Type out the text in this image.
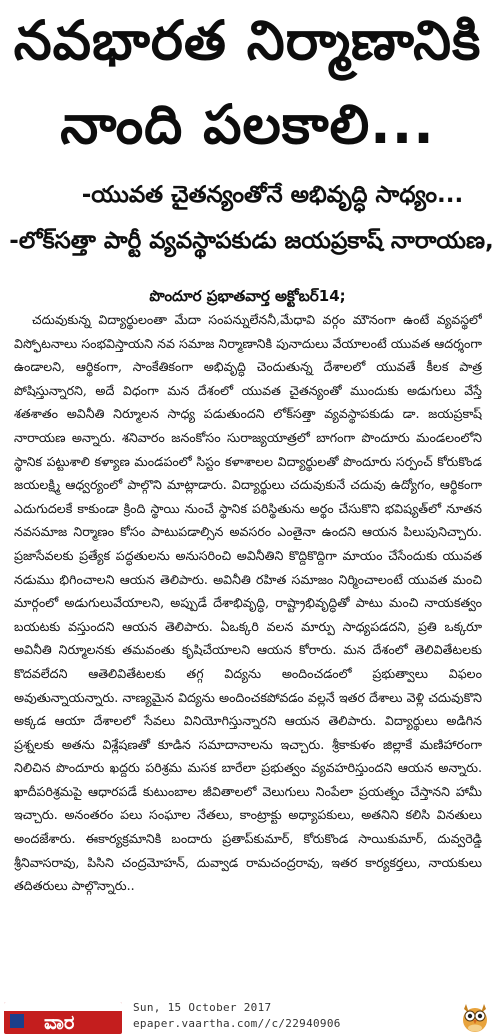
నవభారత నిర్మాణానికి
నాంది పలకాలి...
-యువత చైతన్యంతోనే అభివృద్ధి సాధ్యం...
-లోక్‌సత్తా పార్టీ వ్యవస్థాపకుడు జయప్రకాష్ నారాయణ,
పొందూర ప్రభాతవార్త అక్టోబర్14;

చదువుకున్న విద్యార్థులంతా మేదా సంపన్నులేననీ,మేధావి వర్గం మౌనంగా ఉంటే వ్యవస్థలో విస్ఫోటనాలు సంభవిస్తాయని నవ సమాజ నిర్మాణానికి పునాదులు వేయాలంటే యువత ఆదర్శంగా ఉండాలని, ఆర్థికంగా, సాంకేతికంగా అభివృద్ధి చెందుతున్న దేశాలలో యువతే కీలక పాత్ర పోషిస్తున్నారని, అదే విధంగా మన దేశంలో యువత చైతన్యంతో ముందుకు అడుగులు వేస్తే శతశాతం అవినీతి నిర్మూలన సాధ్య పడుతుందని లోక్‌సత్తా వ్యవస్థాపకుడు డా. జయప్రకాష్ నారాయణ అన్నారు. శనివారం జనంకోసం సురాజ్యయాత్రలో బాగంగా పొందూరు మండలంలోని స్థానిక పట్టుశాలి కళ్యాణ మండపంలో సిస్టం కళాశాలల విద్యార్థులతో పొందూరు సర్పంచ్ కోరుకొండ జయలక్ష్మి ఆధ్వర్యంలో పాల్గొని మాట్లాడారు. విద్యార్థులు చదువుకునే చదువు ఉద్యోగం, ఆర్థికంగా ఎదుగుదలకే కాకుండా క్రింది స్థాయి నుంచే స్థానిక పరిస్థితును అర్థం చేసుకొని భవిష్యత్‌లో నూతన నవసమాజ నిర్మాణం కోసం పాటుపడాల్సిన అవసరం ఎంతైనా ఉందని ఆయన పిలుపునిచ్చారు. ప్రజాసేవలకు ప్రత్యేక పద్ధతులను అనుసరించి అవినీతిని కొద్దికొద్దిగా మాయం చేసేందుకు యువత నడుము భిగించాలని ఆయన తెలిపారు. అవినీతి రహిత సమాజం నిర్మించాలంటే యువత మంచి మార్గంలో అడుగులువేయాలని, అప్పుడే దేశాభివృద్ధి, రాష్ట్రాభివృద్ధితో పాటు మంచి నాయకత్వం బయటకు వస్తుందని ఆయన తెలిపారు. ఏఒక్కరి వలన మార్పు సాధ్యపడదని, ప్రతి ఒక్కరూ అవినీతి నిర్మూలనకు తమవంతు కృషిచేయాలని ఆయన కోరారు. మన దేశంలో తెలివితేటలకు కొదవలేదని ఆతెలివితేటలకు తగ్గ విద్యను అందించడంలో ప్రభుత్వాలు విఫలం అవుతున్నాయన్నారు. నాణ్యమైన విద్యను అందించకపోవడం వల్లనే ఇతర దేశాలు వెళ్లి చదువుకొని అక్కడ ఆయా దేశాలలో సేవలు వినియోగిస్తున్నారని ఆయన తెలిపారు. విద్యార్థులు అడిగిన ప్రశ్నలకు అతను విశ్లేషణతో కూడిన సమాదానాలను ఇచ్చారు. శ్రీకాకుళం జిల్లాకే మణిహారంగా నిలిచిన పొందూరు ఖద్దరు పరిశ్రమ మసక బారేలా ప్రభుత్వం వ్యవహరిస్తుందని ఆయన అన్నారు. ఖాదీపరిశ్రమపై ఆధారపడే కుటుంబాల జీవితాలలో వెలుగులు నింపేలా ప్రయత్నం చేస్తానని హామీ ఇచ్చారు. అనంతరం పలు సంఘాల నేతలు, కాంట్రాక్టు అధ్యాపకులు, అతనిని కలిసి వినతులు అందజేశారు. ఈకార్యక్రమానికి బందారు ప్రతాప్‌కుమార్, కోరుకొండ సాయికుమార్, దువ్వరెడ్డి శ్రీనివాసరావు, పిసిని చంద్రమోహన్, దువ్వాడ రామచంద్రరావు, ఇతర కార్యకర్తలు, నాయకులు తదితరులు పాల్గొన్నారు..

ವಾರ
Sun, 15 October 2017
epaper.vaartha.com//c/22940906
